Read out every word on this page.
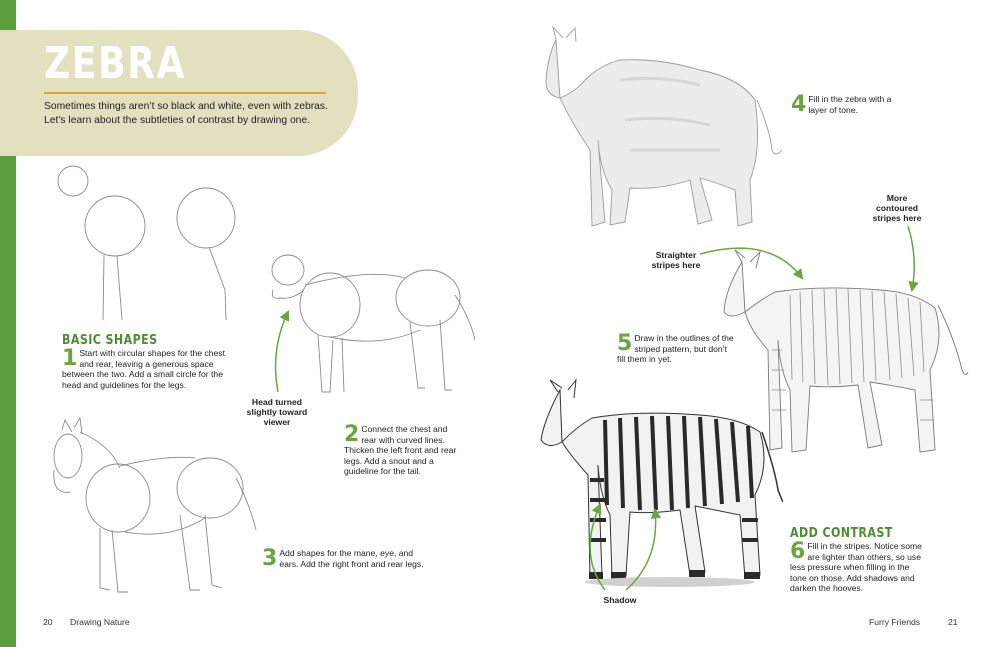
ZEBRA
Sometimes things aren’t so black and white, even with zebras. Let’s learn about the subtleties of contrast by drawing one.
BASIC SHAPES
ADD CONTRAST
1 Start with circular shapes for the chest and rear, leaving a generous space between the two. Add a small circle for the head and guidelines for the legs.
2 Connect the chest and rear with curved lines. Thicken the left front and rear legs. Add a snout and a guideline for the tail.
3 Add shapes for the mane, eye, and ears. Add the right front and rear legs.
4 Fill in the zebra with a layer of tone.
5 Draw in the outlines of the striped pattern, but don’t fill them in yet.
6 Fill in the stripes. Notice some are lighter than others, so use less pressure when filling in the tone on those. Add shadows and darken the hooves.
Head turned slightly toward viewer
Straighter stripes here
More contoured stripes here
Shadow
20 Drawing Nature	Furry Friends	21
